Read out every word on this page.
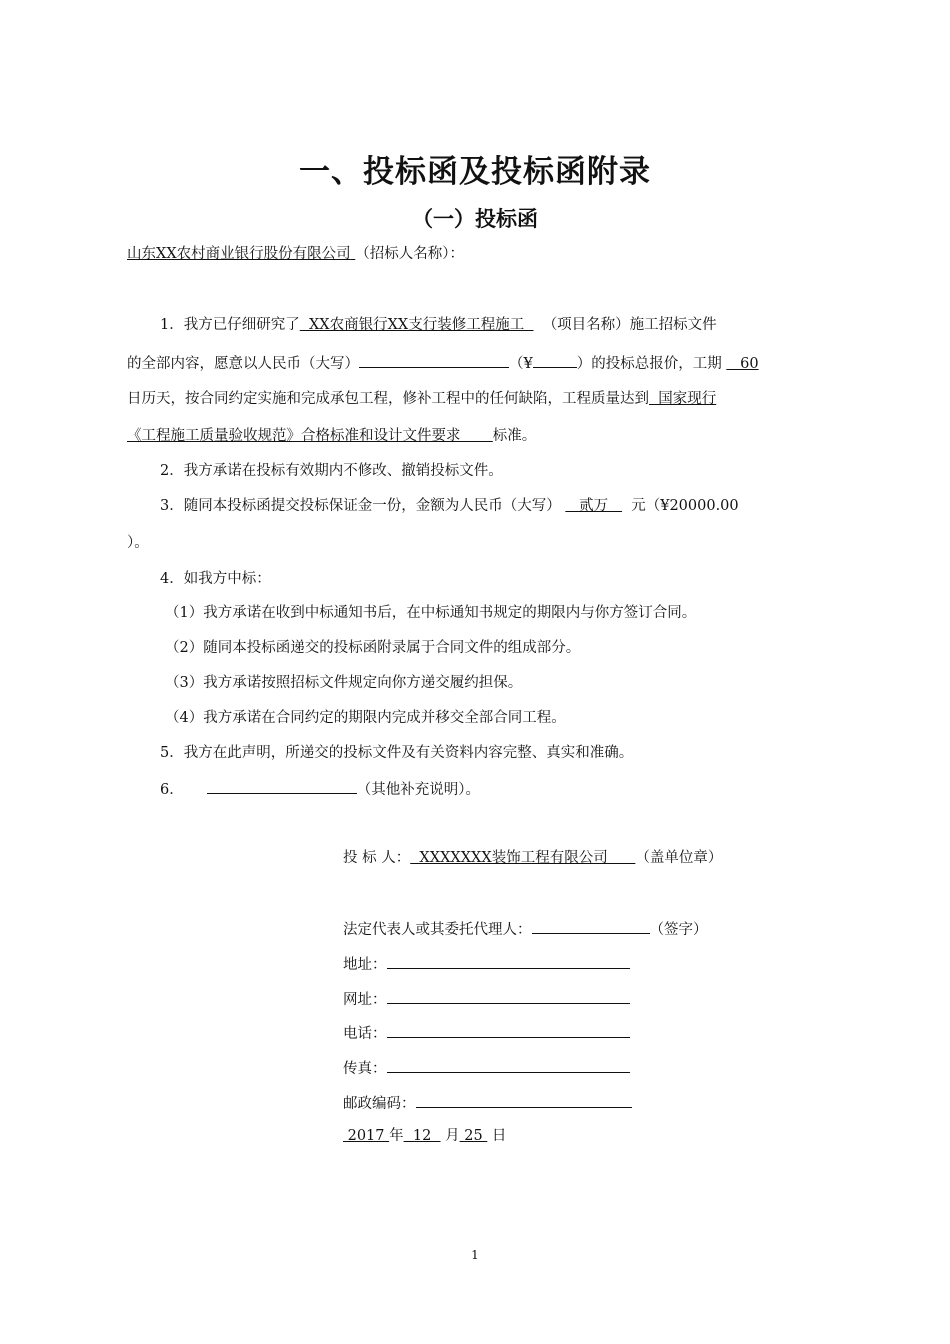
一、投标函及投标函附录
（一）投标函
山东XX农村商业银行股份有限公司 （招标人名称）：
1．我方已仔细研究了  XX农商银行XX支行装修工程施工    （项目名称）施工招标文件
的全部内容，愿意以人民币（大写）	（¥	）的投标总报价，工期    60
日历天，按合同约定实施和完成承包工程，修补工程中的任何缺陷，工程质量达到  国家现行
《工程施工质量验收规范》合格标准和设计文件要求 标准。
2．我方承诺在投标有效期内不修改、撤销投标文件。
3．随同本投标函提交投标保证金一份，金额为人民币（大写）    贰万     元（¥20000.00
）。
4．如我方中标：
（1）我方承诺在收到中标通知书后，在中标通知书规定的期限内与你方签订合同。
（2）随同本投标函递交的投标函附录属于合同文件的组成部分。
（3）我方承诺按照招标文件规定向你方递交履约担保。
（4）我方承诺在合同约定的期限内完成并移交全部合同工程。
5．我方在此声明，所递交的投标文件及有关资料内容完整、真实和准确。
6．	（其他补充说明）。
投 标 人：  XXXXXXX装饰工程有限公司      （盖单位章）
法定代表人或其委托代理人：	（签字）
地址：
网址：
电话：
传真：
邮政编码：
2017 年  12   月 25  日
1
